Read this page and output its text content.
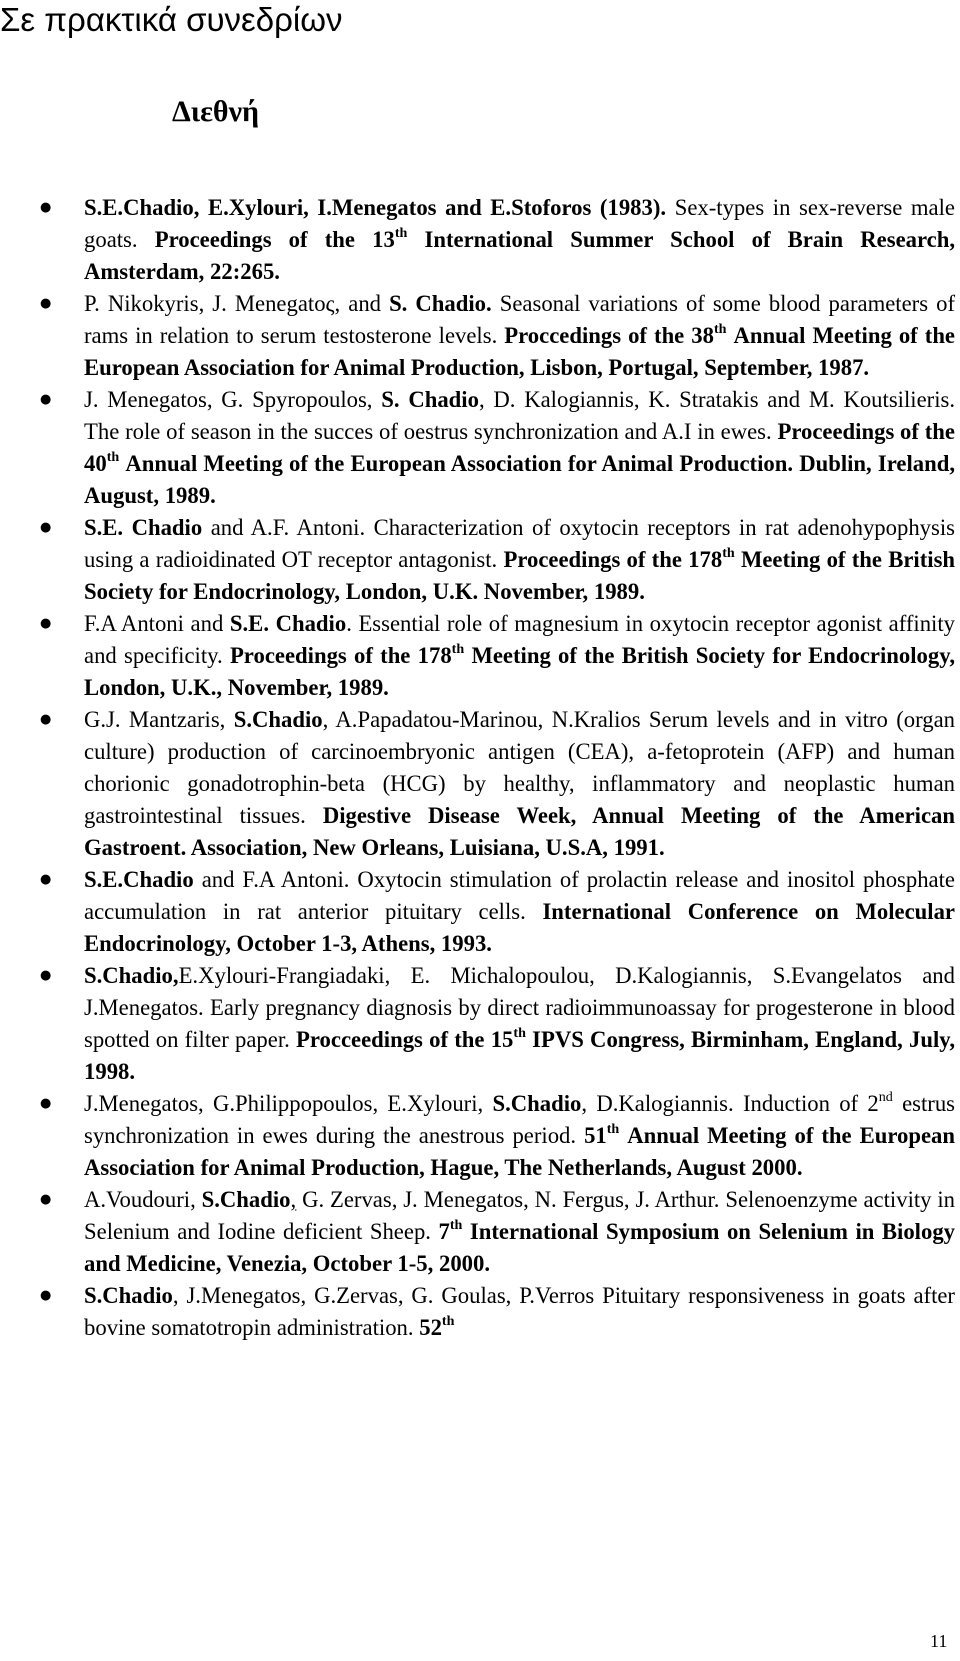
Σε πρακτικά συνεδρίων
Διεθνή
● S.E.Chadio, E.Xylouri, I.Menegatos and E.Stoforos (1983). Sex-types in sex-reverse male goats. Proceedings of the 13th International Summer School of Brain Research, Amsterdam, 22:265.
● P. Nikokyris, J. Menegatoς, and S. Chadio. Seasonal variations of some blood parameters of rams in relation to serum testosterone levels. Proccedings of the 38th Annual Meeting of the European Association for Animal Production, Lisbon, Portugal, September, 1987.
● J. Menegatos, G. Spyropoulos, S. Chadio, D. Kalogiannis, K. Stratakis and M. Koutsilieris. The role of season in the succes of oestrus synchronization and A.I in ewes. Proceedings of the 40th Annual Meeting of the European Association for Animal Production. Dublin, Ireland, August, 1989.
● S.E. Chadio and A.F. Antoni. Characterization of oxytocin receptors in rat adenohypophysis using a radioidinated OT receptor antagonist. Proceedings of the 178th Meeting of the British Society for Endocrinology, London, U.K. November, 1989.
● F.A Antoni and S.E. Chadio. Essential role of magnesium in oxytocin receptor agonist affinity and specificity. Proceedings of the 178th Meeting of the British Society for Endocrinology, London, U.K., November, 1989.
● G.J. Mantzaris, S.Chadio, A.Papadatou-Marinou, N.Kralios Serum levels and in vitro (organ culture) production of carcinoembryonic antigen (CEA), a-fetoprotein (AFP) and human chorionic gonadotrophin-beta (HCG) by healthy, inflammatory and neoplastic human gastrointestinal tissues. Digestive Disease Week, Annual Meeting of the American Gastroent. Association, New Orleans, Luisiana, U.S.A, 1991.
● S.E.Chadio and F.A Antoni. Oxytocin stimulation of prolactin release and inositol phosphate accumulation in rat anterior pituitary cells. International Conference on Molecular Endocrinology, October 1-3, Athens, 1993.
● S.Chadio,E.Xylouri-Frangiadaki, E. Michalopoulou, D.Kalogiannis, S.Evangelatos and J.Menegatos. Early pregnancy diagnosis by direct radioimmunoassay for progesterone in blood spotted on filter paper. Procceedings of the 15th IPVS Congress, Birminham, England, July, 1998.
● J.Menegatos, G.Philippopoulos, E.Xylouri, S.Chadio, D.Kalogiannis. Induction of 2nd estrus synchronization in ewes during the anestrous period. 51th Annual Meeting of the European Association for Animal Production, Hague, The Netherlands, August 2000.
● A.Voudouri, S.Chadio, G. Zervas, J. Menegatos, N. Fergus, J. Arthur. Selenoenzyme activity in Selenium and Iodine deficient Sheep. 7th International Symposium on Selenium in Biology and Medicine, Venezia, October 1-5, 2000.
● S.Chadio, J.Menegatos, G.Zervas, G. Goulas, P.Verros Pituitary responsiveness in goats after bovine somatotropin administration. 52th
11
